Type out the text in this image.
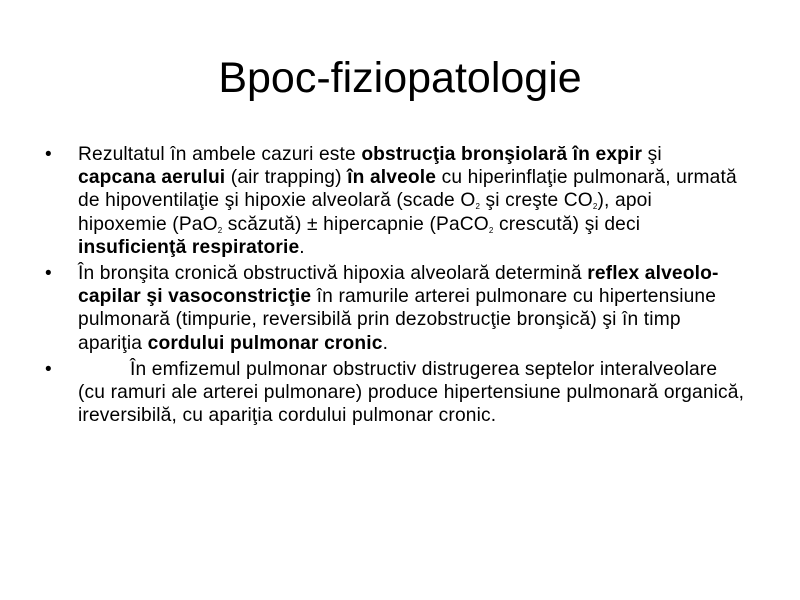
Bpoc-fiziopatologie
• Rezultatul în ambele cazuri este obstrucţia bronşiolară în expir şi capcana aerului (air trapping) în alveole cu hiperinflaţie pulmonară, urmată de hipoventilaţie şi hipoxie alveolară (scade $O_2$ şi creşte $CO_2$), apoi hipoxemie (PaO$_2$ scăzută) ± hipercapnie (PaCO$_2$ crescută) şi deci insuficienţă respiratorie.
• În bronşita cronică obstructivă hipoxia alveolară determină reflex alveolo-capilar şi vasoconstricţie în ramurile arterei pulmonare cu hipertensiune pulmonară (timpurie, reversibilă prin dezobstrucţie bronşică) şi în timp apariţia cordului pulmonar cronic.
•	În emfizemul pulmonar obstructiv distrugerea septelor interalveolare (cu ramuri ale arterei pulmonare) produce hipertensiune pulmonară organică, ireversibilă, cu apariţia cordului pulmonar cronic.
